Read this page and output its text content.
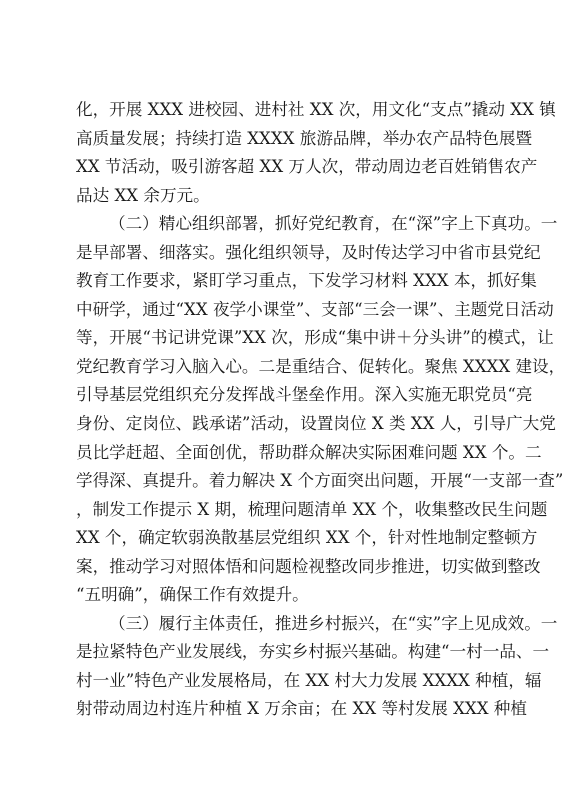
化，开展 XXX 进校园、进村社 XX 次，用文化“支点”撬动 XX 镇
高质量发展；持续打造 XXXX 旅游品牌，举办农产品特色展暨
XX 节活动，吸引游客超 XX 万人次，带动周边老百姓销售农产
品达 XX 余万元。
（二）精心组织部署，抓好党纪教育，在“深”字上下真功。一
是早部署、细落实。强化组织领导，及时传达学习中省市县党纪
教育工作要求，紧盯学习重点，下发学习材料 XXX 本，抓好集
中研学，通过“XX 夜学小课堂”、支部“三会一课”、主题党日活动
等，开展“书记讲党课”XX 次，形成“集中讲＋分头讲”的模式，让
党纪教育学习入脑入心。二是重结合、促转化。聚焦 XXXX 建设，
引导基层党组织充分发挥战斗堡垒作用。深入实施无职党员“亮
身份、定岗位、践承诺”活动，设置岗位 X 类 XX 人，引导广大党
员比学赶超、全面创优，帮助群众解决实际困难问题 XX 个。二
学得深、真提升。着力解决 X 个方面突出问题，开展“一支部一查”
，制发工作提示 X 期，梳理问题清单 XX 个，收集整改民生问题
XX 个，确定软弱涣散基层党组织 XX 个，针对性地制定整顿方
案，推动学习对照体悟和问题检视整改同步推进，切实做到整改
“五明确”，确保工作有效提升。
（三）履行主体责任，推进乡村振兴，在“实”字上见成效。一
是拉紧特色产业发展线，夯实乡村振兴基础。构建“一村一品、一
村一业”特色产业发展格局，在 XX 村大力发展 XXXX 种植，辐
射带动周边村连片种植 X 万余亩；在 XX 等村发展 XXX 种植
